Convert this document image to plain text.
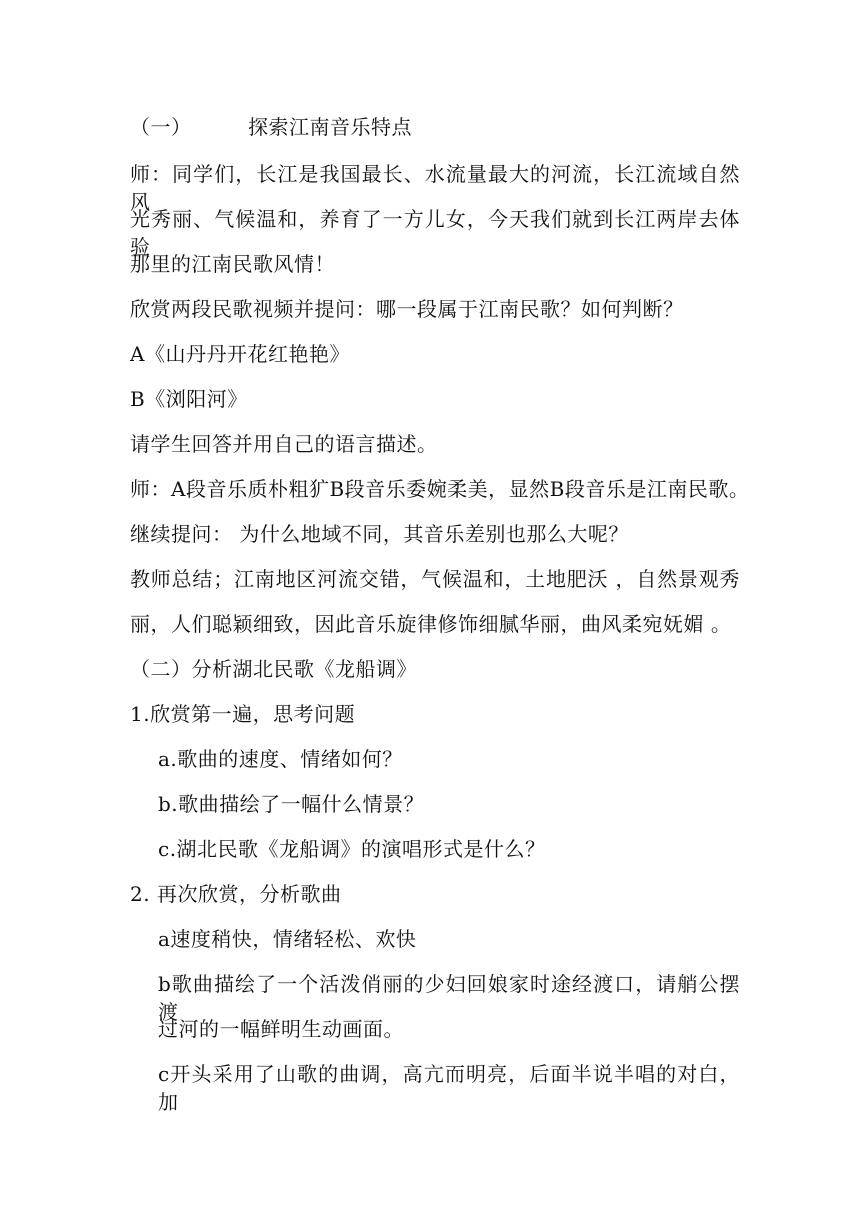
（一）	探索江南音乐特点
师：同学们，长江是我国最长、水流量最大的河流，长江流域自然风
光秀丽、气候温和，养育了一方儿女，今天我们就到长江两岸去体验
那里的江南民歌风情！
欣赏两段民歌视频并提问：哪一段属于江南民歌？如何判断？
A《山丹丹开花红艳艳》
B《浏阳河》
请学生回答并用自己的语言描述。
师：A段音乐质朴粗犷B段音乐委婉柔美，显然B段音乐是江南民歌。
继续提问： 为什么地域不同，其音乐差别也那么大呢？
教师总结；江南地区河流交错，气候温和，土地肥沃 ，自然景观秀
丽，人们聪颖细致，因此音乐旋律修饰细腻华丽，曲风柔宛妩媚 。
（二）分析湖北民歌《龙船调》
1.欣赏第一遍，思考问题
a.歌曲的速度、情绪如何？
b.歌曲描绘了一幅什么情景？
c.湖北民歌《龙船调》的演唱形式是什么？
2. 再次欣赏，分析歌曲
a速度稍快，情绪轻松、欢快
b歌曲描绘了一个活泼俏丽的少妇回娘家时途经渡口，请艄公摆渡
过河的一幅鲜明生动画面。
c开头采用了山歌的曲调，高亢而明亮，后面半说半唱的对白，加
